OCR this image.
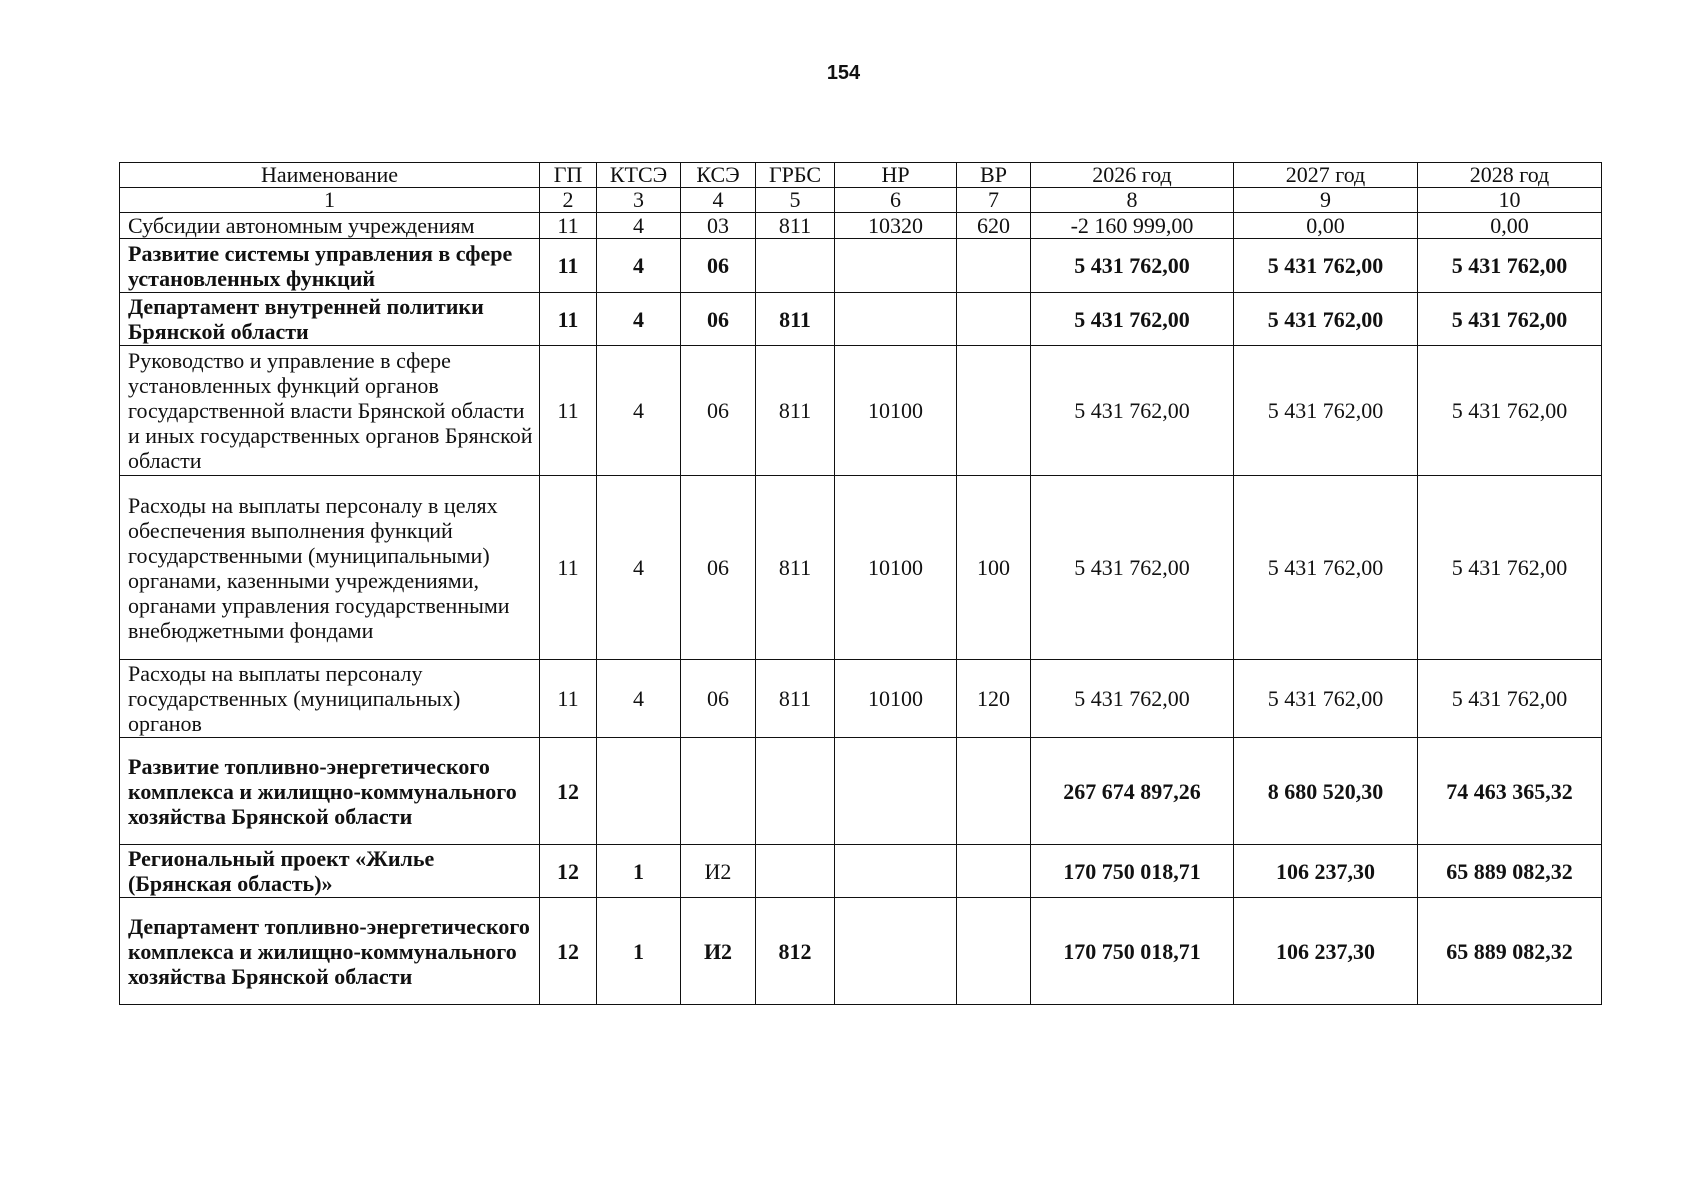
154
Наименование	ГП	КТСЭ	КСЭ	ГРБС	НР	ВР	2026 год	2027 год	2028 год
1	2	3	4	5	6	7	8	9	10
Субсидии автономным учреждениям	11	4	03	811	10320	620	-2 160 999,00	0,00	0,00
Развитие системы управления в сфере установленных функций	11	4	06				5 431 762,00	5 431 762,00	5 431 762,00
Департамент внутренней политики Брянской области	11	4	06	811			5 431 762,00	5 431 762,00	5 431 762,00
Руководство и управление в сфере установленных функций органов государственной власти Брянской области и иных государственных органов Брянской области	11	4	06	811	10100		5 431 762,00	5 431 762,00	5 431 762,00
Расходы на выплаты персоналу в целях обеспечения выполнения функций государственными (муниципальными) органами, казенными учреждениями, органами управления государственными внебюджетными фондами	11	4	06	811	10100	100	5 431 762,00	5 431 762,00	5 431 762,00
Расходы на выплаты персоналу государственных (муниципальных) органов	11	4	06	811	10100	120	5 431 762,00	5 431 762,00	5 431 762,00
Развитие топливно-энергетического комплекса и жилищно-коммунального хозяйства Брянской области	12						267 674 897,26	8 680 520,30	74 463 365,32
Региональный проект «Жилье (Брянская область)»	12	1	И2				170 750 018,71	106 237,30	65 889 082,32
Департамент топливно-энергетического комплекса и жилищно-коммунального хозяйства Брянской области	12	1	И2	812			170 750 018,71	106 237,30	65 889 082,32
